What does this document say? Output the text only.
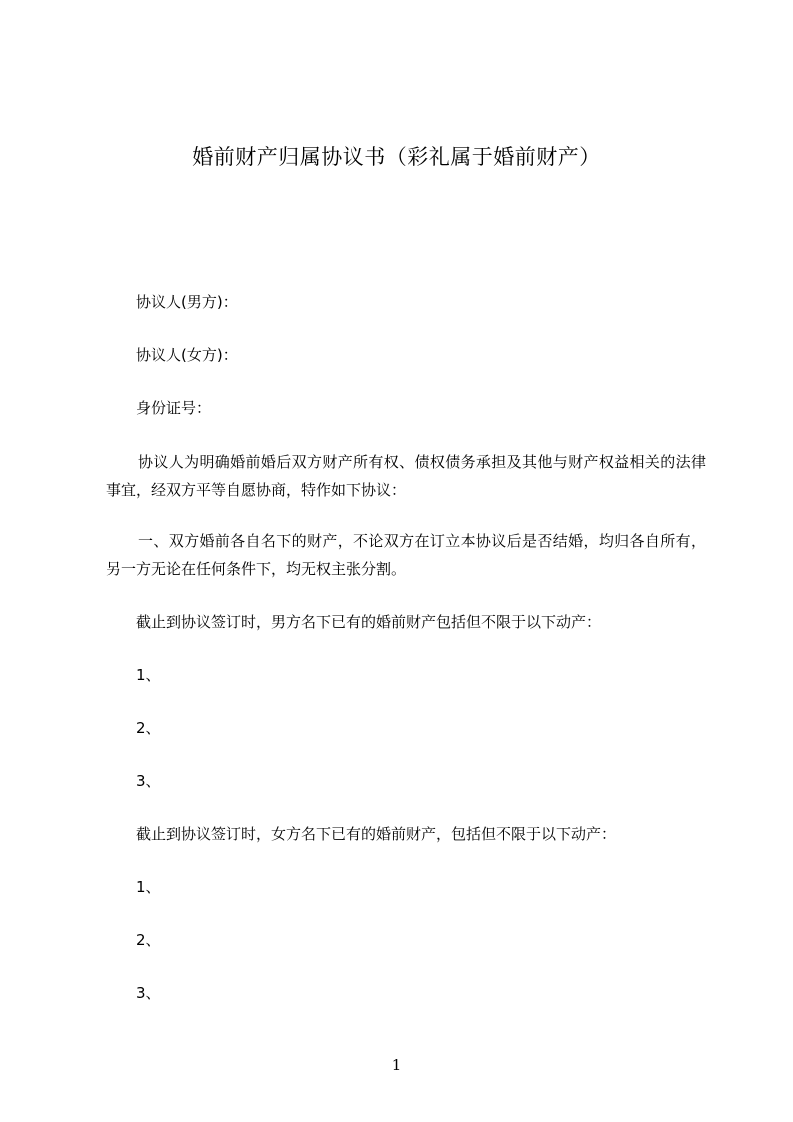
婚前财产归属协议书（彩礼属于婚前财产）
协议人(男方)：
协议人(女方)：
身份证号：
协议人为明确婚前婚后双方财产所有权、债权债务承担及其他与财产权益相关的法律事宜，经双方平等自愿协商，特作如下协议：
一、双方婚前各自名下的财产，不论双方在订立本协议后是否结婚，均归各自所有，另一方无论在任何条件下，均无权主张分割。
截止到协议签订时，男方名下已有的婚前财产包括但不限于以下动产：
1、
2、
3、
截止到协议签订时，女方名下已有的婚前财产，包括但不限于以下动产：
1、
2、
3、
1
